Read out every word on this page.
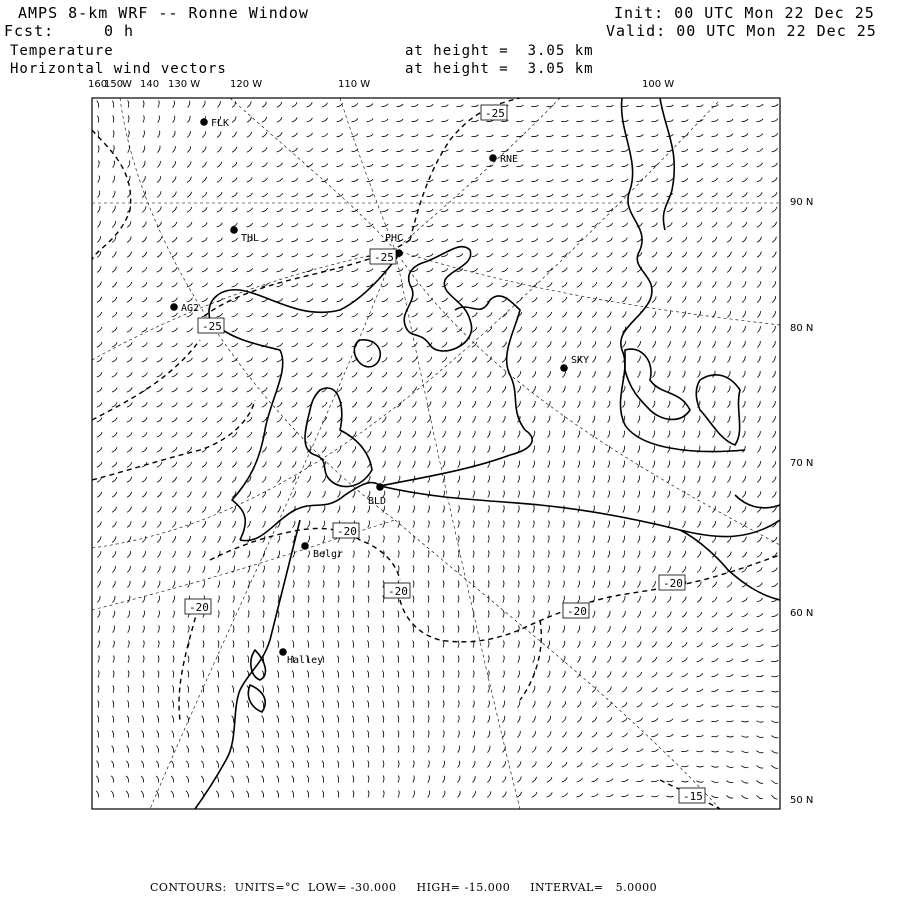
AMPS 8-km WRF -- Ronne Window
Fcst:	0 h
Init: 00 UTC Mon 22 Dec 25
Valid: 00 UTC Mon 22 Dec 25
Temperature
Horizontal wind vectors
at height =  3.05 km
at height =  3.05 km
160
150 140
W	130 W	120 W	110 W	100 W
90 N
80 N
70 N
60 N
50 N
FLK
RNE
THL	PHC
AG2
SKY
BLD
Belgr
Halley
-25
-25
-25
-20
-20
-20	-20
-20
-15
CONTOURS:  UNITS=°C  LOW= -30.000     HIGH= -15.000     INTERVAL=   5.0000
